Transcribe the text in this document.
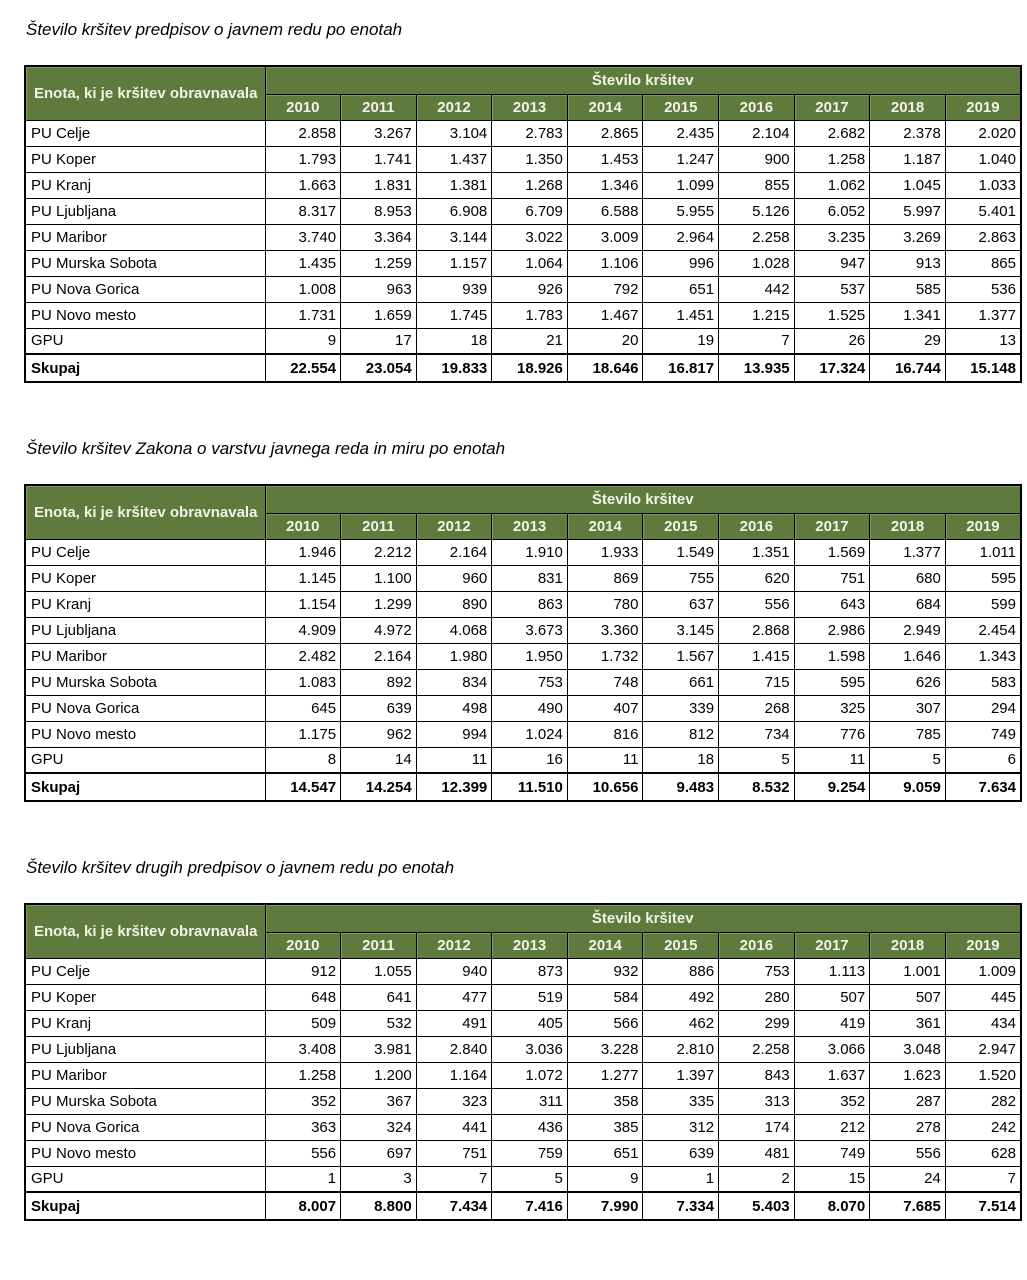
Število kršitev predpisov o javnem redu po enotah
Enota, ki je kršitev obravnavala	Število kršitev									
	2010	2011	2012	2013	2014	2015	2016	2017	2018	2019
PU Celje	2.858	3.267	3.104	2.783	2.865	2.435	2.104	2.682	2.378	2.020
PU Koper	1.793	1.741	1.437	1.350	1.453	1.247	900	1.258	1.187	1.040
PU Kranj	1.663	1.831	1.381	1.268	1.346	1.099	855	1.062	1.045	1.033
PU Ljubljana	8.317	8.953	6.908	6.709	6.588	5.955	5.126	6.052	5.997	5.401
PU Maribor	3.740	3.364	3.144	3.022	3.009	2.964	2.258	3.235	3.269	2.863
PU Murska Sobota	1.435	1.259	1.157	1.064	1.106	996	1.028	947	913	865
PU Nova Gorica	1.008	963	939	926	792	651	442	537	585	536
PU Novo mesto	1.731	1.659	1.745	1.783	1.467	1.451	1.215	1.525	1.341	1.377
GPU	9	17	18	21	20	19	7	26	29	13
Skupaj	22.554	23.054	19.833	18.926	18.646	16.817	13.935	17.324	16.744	15.148
Število kršitev Zakona o varstvu javnega reda in miru po enotah
Enota, ki je kršitev obravnavala	Število kršitev									
	2010	2011	2012	2013	2014	2015	2016	2017	2018	2019
PU Celje	1.946	2.212	2.164	1.910	1.933	1.549	1.351	1.569	1.377	1.011
PU Koper	1.145	1.100	960	831	869	755	620	751	680	595
PU Kranj	1.154	1.299	890	863	780	637	556	643	684	599
PU Ljubljana	4.909	4.972	4.068	3.673	3.360	3.145	2.868	2.986	2.949	2.454
PU Maribor	2.482	2.164	1.980	1.950	1.732	1.567	1.415	1.598	1.646	1.343
PU Murska Sobota	1.083	892	834	753	748	661	715	595	626	583
PU Nova Gorica	645	639	498	490	407	339	268	325	307	294
PU Novo mesto	1.175	962	994	1.024	816	812	734	776	785	749
GPU	8	14	11	16	11	18	5	11	5	6
Skupaj	14.547	14.254	12.399	11.510	10.656	9.483	8.532	9.254	9.059	7.634
Število kršitev drugih predpisov o javnem redu po enotah
Enota, ki je kršitev obravnavala	Število kršitev									
	2010	2011	2012	2013	2014	2015	2016	2017	2018	2019
PU Celje	912	1.055	940	873	932	886	753	1.113	1.001	1.009
PU Koper	648	641	477	519	584	492	280	507	507	445
PU Kranj	509	532	491	405	566	462	299	419	361	434
PU Ljubljana	3.408	3.981	2.840	3.036	3.228	2.810	2.258	3.066	3.048	2.947
PU Maribor	1.258	1.200	1.164	1.072	1.277	1.397	843	1.637	1.623	1.520
PU Murska Sobota	352	367	323	311	358	335	313	352	287	282
PU Nova Gorica	363	324	441	436	385	312	174	212	278	242
PU Novo mesto	556	697	751	759	651	639	481	749	556	628
GPU	1	3	7	5	9	1	2	15	24	7
Skupaj	8.007	8.800	7.434	7.416	7.990	7.334	5.403	8.070	7.685	7.514
